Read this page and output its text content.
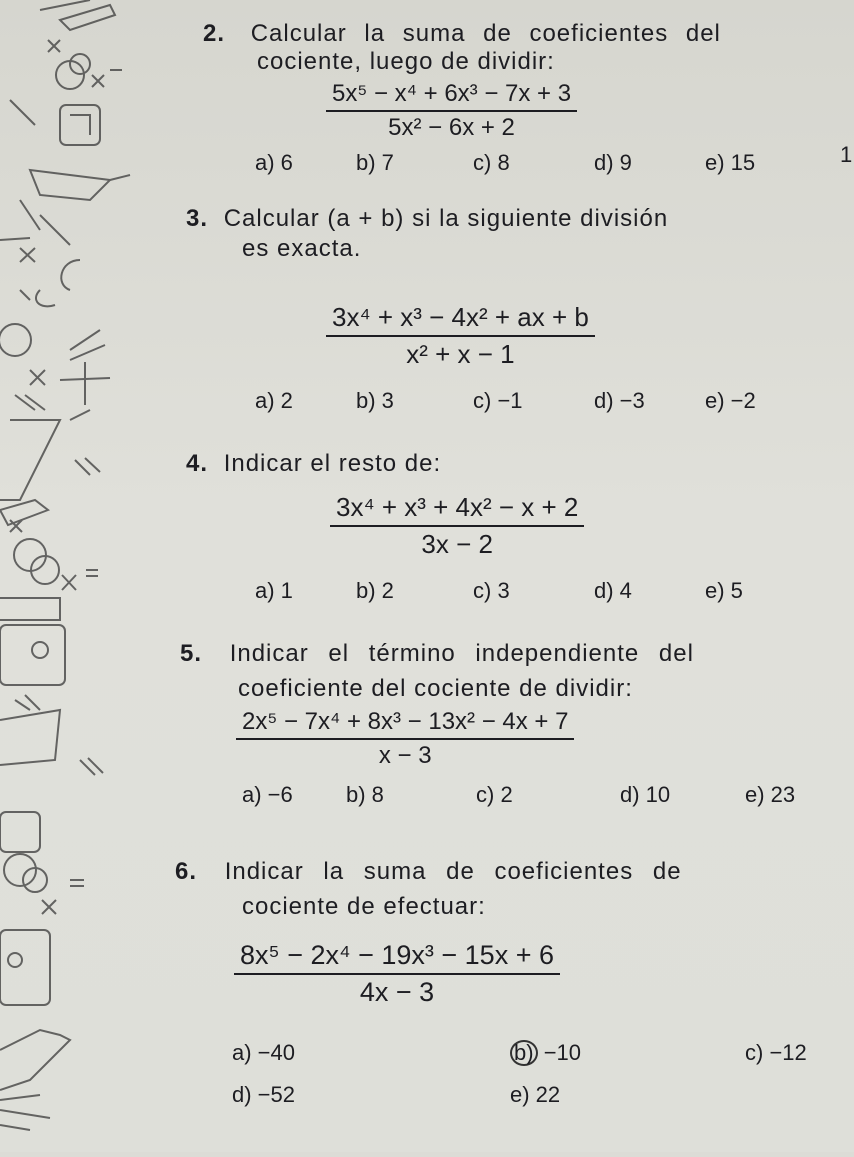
2. Calcular la suma de coeficientes del
cociente, luego de dividir:
$\frac{\text{5x⁵ − x⁴ + 6x³ − 7x + 3}}{\text{5x² − 6x + 2}}$
a) 6	b) 7	c) 8	d) 9	e) 15	1
3. Calcular (a + b) si la siguiente división
es exacta.
$\frac{\text{3x⁴ + x³ − 4x² + ax + b}}{\text{x² + x − 1}}$
a) 2	b) 3	c) −1	d) −3	e) −2
4. Indicar el resto de:
$\frac{\text{3x⁴ + x³ + 4x² − x + 2}}{3x - 2}$
a) 1	b) 2	c) 3	d) 4	e) 5
5. Indicar el término independiente del
coeficiente del cociente de dividir:
$\frac{\text{2x⁵ − 7x⁴ + 8x³ − 13x² − 4x + 7}}{x - 3}$
a) −6 b) 8	c) 2	d) 10	e) 23
6. Indicar la suma de coeficientes de
cociente de efectuar:
$\frac{\text{8x⁵ − 2x⁴ − 19x³ − 15x + 6}}{4x - 3}$
a) −40	b) −10	c) −12
d) −52	e) 22
